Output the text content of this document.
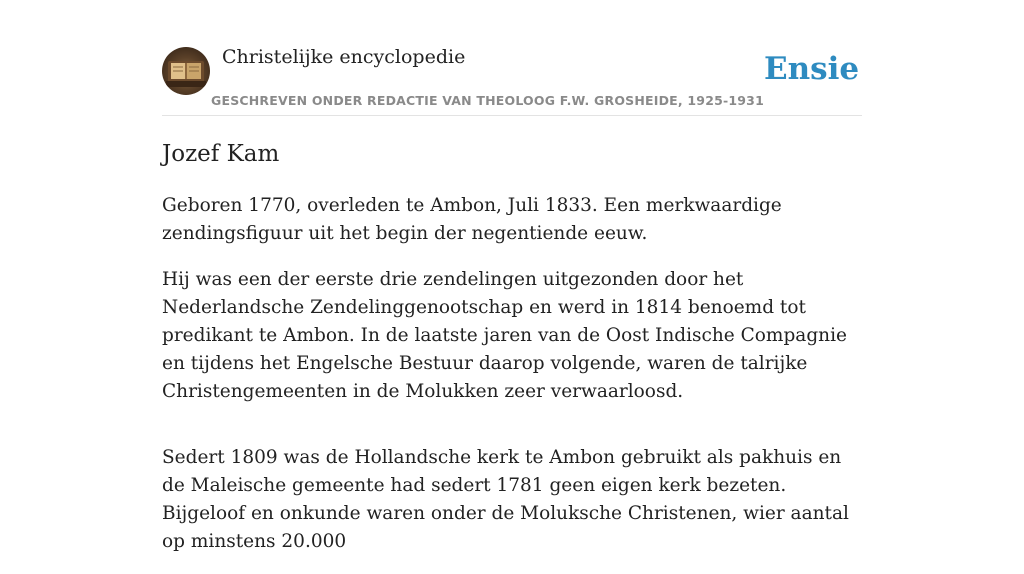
Christelijke encyclopedie
GESCHREVEN ONDER REDACTIE VAN THEOLOOG F.W. GROSHEIDE, 1925-1931
Ensie
Jozef Kam

Geboren 1770, overleden te Ambon, Juli 1833. Een merkwaardige zendingsfiguur uit het begin der negentiende eeuw.

Hij was een der eerste drie zendelingen uitgezonden door het Nederlandsche Zendelinggenootschap en werd in 1814 benoemd tot predikant te Ambon. In de laatste jaren van de Oost Indische Compagnie en tijdens het Engelsche Bestuur daarop volgende, waren de talrijke Christengemeenten in de Molukken zeer verwaarloosd.

Sedert 1809 was de Hollandsche kerk te Ambon gebruikt als pakhuis en de Maleische gemeente had sedert 1781 geen eigen kerk bezeten. Bijgeloof en onkunde waren onder de Moluksche Christenen, wier aantal op minstens 20.000
